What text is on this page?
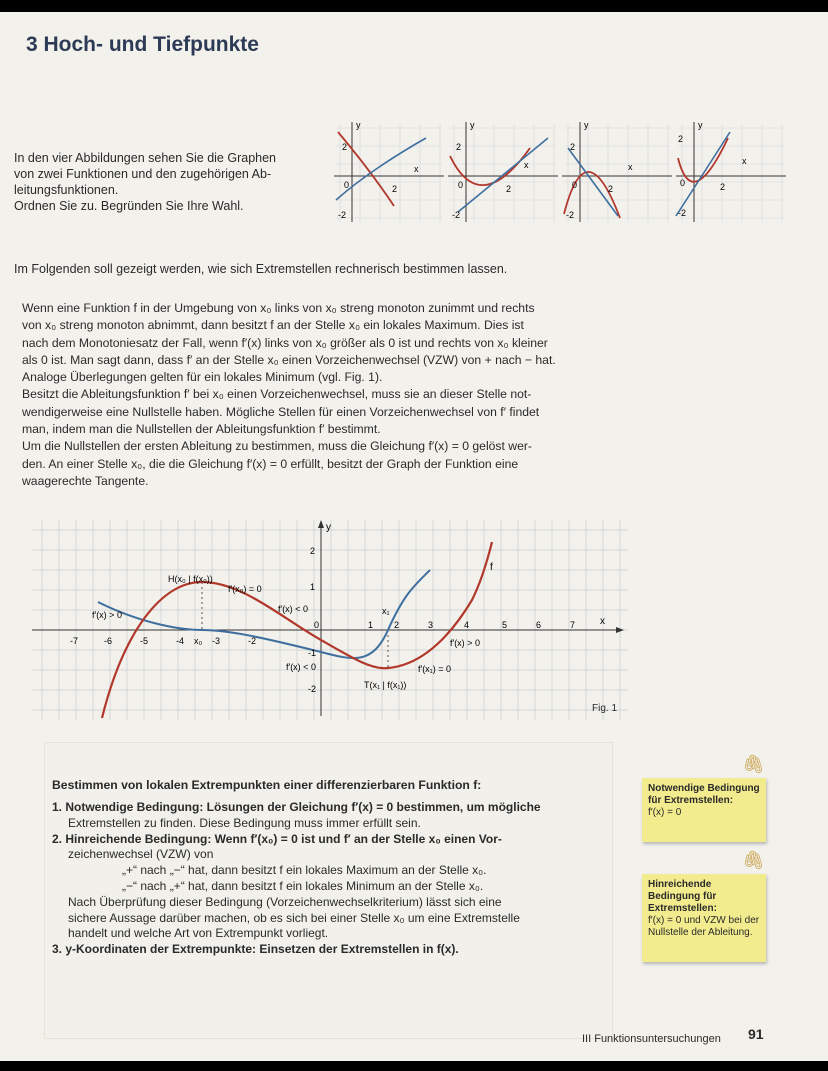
3 Hoch- und Tiefpunkte
In den vier Abbildungen sehen Sie die Graphen
von zwei Funktionen und den zugehörigen Ab-
leitungsfunktionen.
Ordnen Sie zu. Begründen Sie Ihre Wahl.
y
x
2
-2
0	2
y
x
2
-2
0	2
y
x
2
-2
0	2
y
x
2
-2
0	2
Im Folgenden soll gezeigt werden, wie sich Extremstellen rechnerisch bestimmen lassen.
Wenn eine Funktion f in der Umgebung von x₀ links von x₀ streng monoton zunimmt und rechts
von x₀ streng monoton abnimmt, dann besitzt f an der Stelle x₀ ein lokales Maximum. Dies ist
nach dem Monotoniesatz der Fall, wenn f′(x) links von x₀ größer als 0 ist und rechts von x₀ kleiner
als 0 ist. Man sagt dann, dass f′ an der Stelle x₀ einen Vorzeichenwechsel (VZW) von + nach − hat.
Analoge Überlegungen gelten für ein lokales Minimum (vgl. Fig. 1).
Besitzt die Ableitungsfunktion f′ bei x₀ einen Vorzeichenwechsel, muss sie an dieser Stelle not-
wendigerweise eine Nullstelle haben. Mögliche Stellen für einen Vorzeichenwechsel von f′ findet
man, indem man die Nullstellen der Ableitungsfunktion f′ bestimmt.
Um die Nullstellen der ersten Ableitung zu bestimmen, muss die Gleichung f′(x) = 0 gelöst wer-
den. An einer Stelle x₀, die die Gleichung f′(x) = 0 erfüllt, besitzt der Graph der Funktion eine
waagerechte Tangente.
y
x
f
-7	-6	-5	-4	-3	-2
0	1 2	3	4	5	6	7
2
1
-1
-2
x₀
x₁
H(x₀ | f(x₀))
f′(x₀) = 0
f′(x) > 0
f′(x) < 0
f′(x) < 0
f′(x) > 0
T(x₁ | f(x₁))
f′(x₁) = 0
Fig. 1
Bestimmen von lokalen Extrempunkten einer differenzierbaren Funktion f:
1. Notwendige Bedingung: Lösungen der Gleichung f′(x) = 0 bestimmen, um mögliche
Extremstellen zu finden. Diese Bedingung muss immer erfüllt sein.
2. Hinreichende Bedingung: Wenn f′(x₀) = 0 ist und f′ an der Stelle x₀ einen Vor-
zeichenwechsel (VZW) von
„+“ nach „−“ hat, dann besitzt f ein lokales Maximum an der Stelle x₀.
„−“ nach „+“ hat, dann besitzt f ein lokales Minimum an der Stelle x₀.
Nach Überprüfung dieser Bedingung (Vorzeichenwechselkriterium) lässt sich eine
sichere Aussage darüber machen, ob es sich bei einer Stelle x₀ um eine Extremstelle
handelt und welche Art von Extrempunkt vorliegt.
3. y-Koordinaten der Extrempunkte: Einsetzen der Extremstellen in f(x).
Notwendige Bedingung für Extremstellen:
f′(x) = 0
🖇
Hinreichende Bedingung für Extremstellen:
f′(x) = 0 und VZW bei der Nullstelle der Ableitung.
🖇
III Funktionsuntersuchungen 91
